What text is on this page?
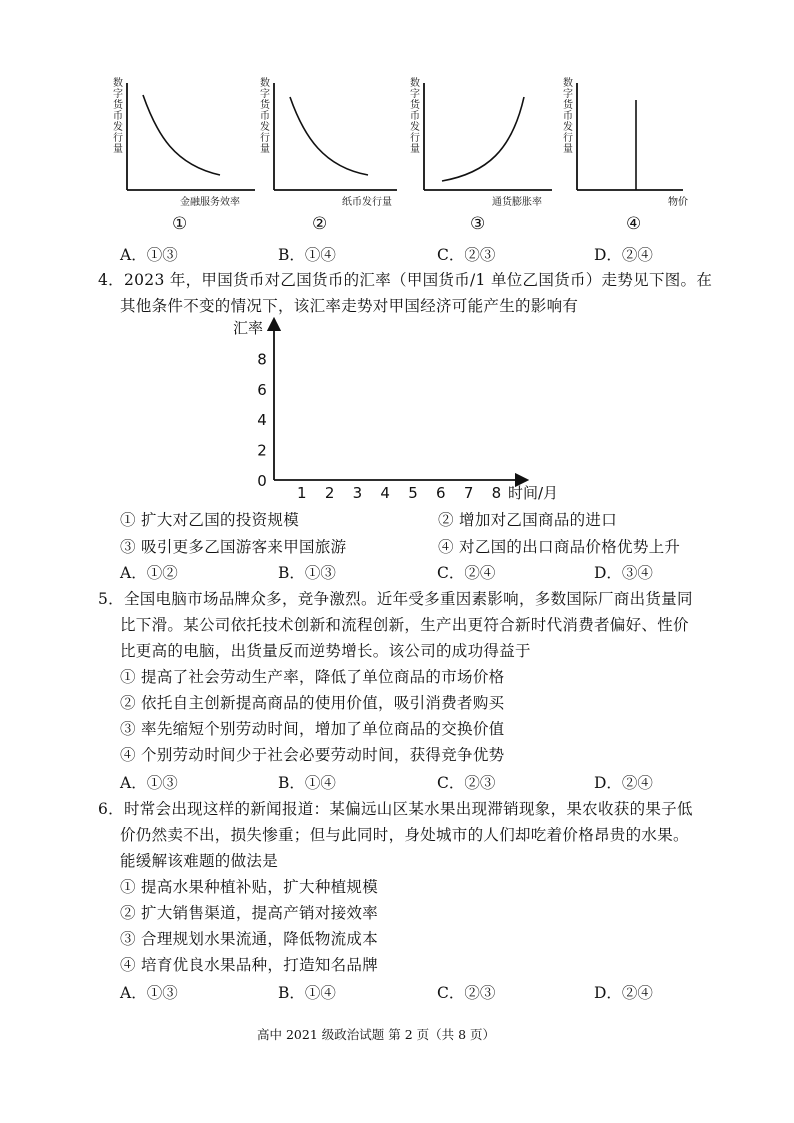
数字货币发行量
金融服务效率
①
数字货币发行量
纸币发行量
②
数字货币发行量
通货膨胀率
③
数字货币发行量
物价
④
A．①③	B．①④	C．②③	D．②④
4．2023 年，甲国货币对乙国货币的汇率（甲国货币/1 单位乙国货币）走势见下图。在
其他条件不变的情况下，该汇率走势对甲国经济可能产生的影响有
1 2 3 4 5 6 7 8
0
2
4
6
8
汇率
时间/月
① 扩大对乙国的投资规模	② 增加对乙国商品的进口
③ 吸引更多乙国游客来甲国旅游	④ 对乙国的出口商品价格优势上升
A．①②	B．①③	C．②④	D．③④
5．全国电脑市场品牌众多，竞争激烈。近年受多重因素影响，多数国际厂商出货量同
比下滑。某公司依托技术创新和流程创新，生产出更符合新时代消费者偏好、性价
比更高的电脑，出货量反而逆势增长。该公司的成功得益于
① 提高了社会劳动生产率，降低了单位商品的市场价格
② 依托自主创新提高商品的使用价值，吸引消费者购买
③ 率先缩短个别劳动时间，增加了单位商品的交换价值
④ 个别劳动时间少于社会必要劳动时间，获得竞争优势
A．①③	B．①④	C．②③	D．②④
6．时常会出现这样的新闻报道：某偏远山区某水果出现滞销现象，果农收获的果子低
价仍然卖不出，损失惨重；但与此同时，身处城市的人们却吃着价格昂贵的水果。
能缓解该难题的做法是
① 提高水果种植补贴，扩大种植规模
② 扩大销售渠道，提高产销对接效率
③ 合理规划水果流通，降低物流成本
④ 培育优良水果品种，打造知名品牌
A．①③	B．①④	C．②③	D．②④
高中 2021 级政治试题 第 2 页（共 8 页）
